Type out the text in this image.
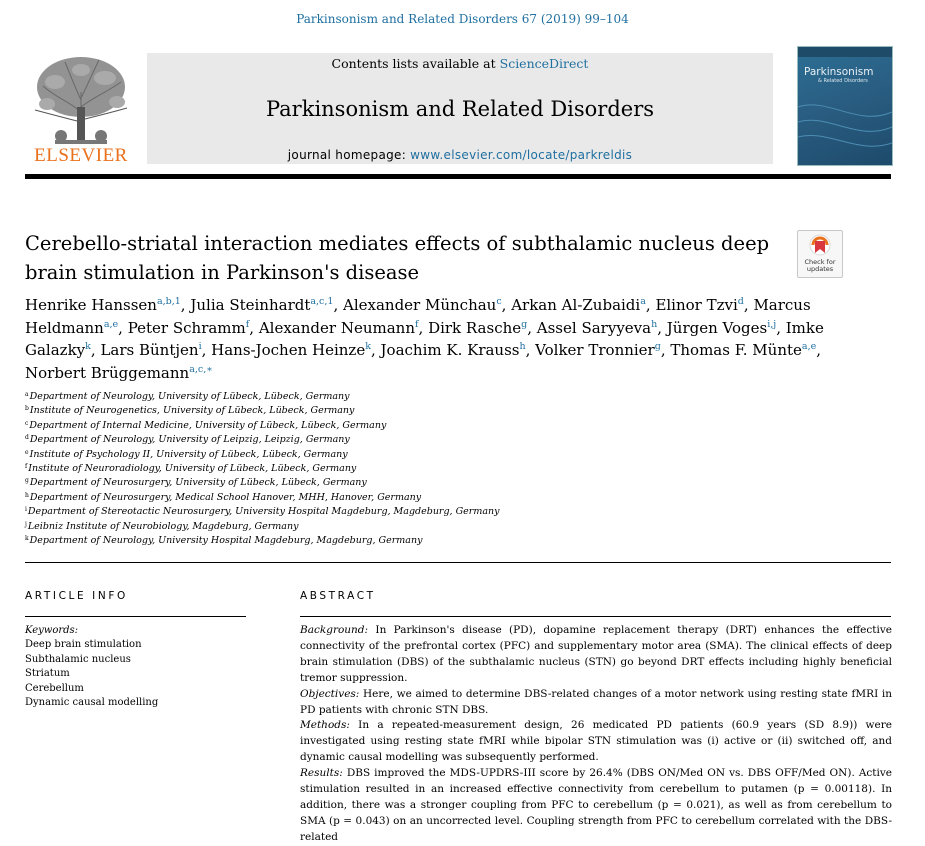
Parkinsonism and Related Disorders 67 (2019) 99–104
ELSEVIER
Contents lists available at ScienceDirect
Parkinsonism and Related Disorders
journal homepage: www.elsevier.com/locate/parkreldis
Parkinsonism
& Related Disorders
Cerebello-striatal interaction mediates effects of subthalamic nucleus deep brain stimulation in Parkinson's disease	Check for
updates
Henrike Hanssen$^{a,b,1}$, Julia Steinhardt$^{a,c,1}$, Alexander Münchau$^c$, Arkan Al-Zubaidi$^a$, Elinor Tzvi$^d$, Marcus Heldmann$^{a,e}$, Peter Schramm$^f$, Alexander Neumann$^f$, Dirk Rasche$^g$, Assel Saryyeva$^h$, Jürgen Voges$^{i,j}$, Imke Galazky$^k$, Lars Büntjen$^i$, Hans-Jochen Heinze$^k$, Joachim K. Krauss$^h$, Volker Tronnier$^g$, Thomas F. Münte$^{a,e}$, Norbert Brüggemann$^{a,c,∗}$
$^a$Department of Neurology, University of Lübeck, Lübeck, Germany
$^b$Institute of Neurogenetics, University of Lübeck, Lübeck, Germany
$^c$Department of Internal Medicine, University of Lübeck, Lübeck, Germany
$^d$Department of Neurology, University of Leipzig, Leipzig, Germany
$^e$Institute of Psychology II, University of Lübeck, Lübeck, Germany
$^f$Institute of Neuroradiology, University of Lübeck, Lübeck, Germany
$^g$Department of Neurosurgery, University of Lübeck, Lübeck, Germany
$^h$Department of Neurosurgery, Medical School Hanover, MHH, Hanover, Germany
$^i$Department of Stereotactic Neurosurgery, University Hospital Magdeburg, Magdeburg, Germany
$^j$Leibniz Institute of Neurobiology, Magdeburg, Germany
$^k$Department of Neurology, University Hospital Magdeburg, Magdeburg, Germany
ARTICLE INFO	ABSTRACT
Keywords:
Deep brain stimulation
Subthalamic nucleus
Striatum
Cerebellum
Dynamic causal modelling

Background: In Parkinson's disease (PD), dopamine replacement therapy (DRT) enhances the effective connectivity of the prefrontal cortex (PFC) and supplementary motor area (SMA). The clinical effects of deep brain stimulation (DBS) of the subthalamic nucleus (STN) go beyond DRT effects including highly beneficial tremor suppression.

Objectives: Here, we aimed to determine DBS-related changes of a motor network using resting state fMRI in PD patients with chronic STN DBS.

Methods: In a repeated-measurement design, 26 medicated PD patients (60.9 years (SD 8.9)) were investigated using resting state fMRI while bipolar STN stimulation was (i) active or (ii) switched off, and dynamic causal modelling was subsequently performed.

Results: DBS improved the MDS-UPDRS-III score by 26.4% (DBS ON/Med ON vs. DBS OFF/Med ON). Active stimulation resulted in an increased effective connectivity from cerebellum to putamen (p = 0.00118). In addition, there was a stronger coupling from PFC to cerebellum (p = 0.021), as well as from cerebellum to SMA (p = 0.043) on an uncorrected level. Coupling strength from PFC to cerebellum correlated with the DBS-related
